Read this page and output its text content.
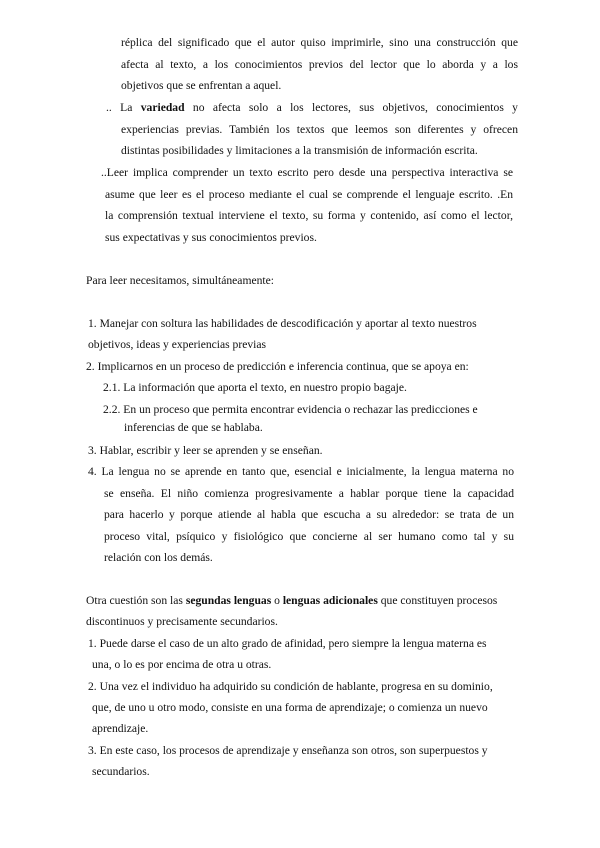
réplica del significado que el autor quiso imprimirle, sino una construcción que
afecta al texto, a los conocimientos previos del lector que lo aborda y a los
objetivos que se enfrentan a aquel.
.. La variedad no afecta solo a los lectores, sus objetivos, conocimientos y
experiencias previas. También los textos que leemos son diferentes y ofrecen
distintas posibilidades y limitaciones a la transmisión de información escrita.
..Leer implica comprender un texto escrito pero desde una perspectiva interactiva se
asume que leer es el proceso mediante el cual se comprende el lenguaje escrito. .En
la comprensión textual interviene el texto, su forma y contenido, así como el lector,
sus expectativas y sus conocimientos previos.
Para leer necesitamos, simultáneamente:
1. Manejar con soltura las habilidades de descodificación y aportar al texto nuestros
objetivos, ideas y experiencias previas
2. Implicarnos en un proceso de predicción e inferencia continua, que se apoya en:
2.1. La información que aporta el texto, en nuestro propio bagaje.
2.2. En un proceso que permita encontrar evidencia o rechazar las predicciones e
inferencias de que se hablaba.
3. Hablar, escribir y leer se aprenden y se enseñan.
4. La lengua no se aprende en tanto que, esencial e inicialmente, la lengua materna no
se enseña. El niño comienza progresivamente a hablar porque tiene la capacidad
para hacerlo y porque atiende al habla que escucha a su alrededor: se trata de un
proceso vital, psíquico y fisiológico que concierne al ser humano como tal y su
relación con los demás.
Otra cuestión son las segundas lenguas o lenguas adicionales que constituyen procesos
discontinuos y precisamente secundarios.
1. Puede darse el caso de un alto grado de afinidad, pero siempre la lengua materna es
una, o lo es por encima de otra u otras.
2. Una vez el individuo ha adquirido su condición de hablante, progresa en su dominio,
que, de uno u otro modo, consiste en una forma de aprendizaje; o comienza un nuevo
aprendizaje.
3. En este caso, los procesos de aprendizaje y enseñanza son otros, son superpuestos y
secundarios.
